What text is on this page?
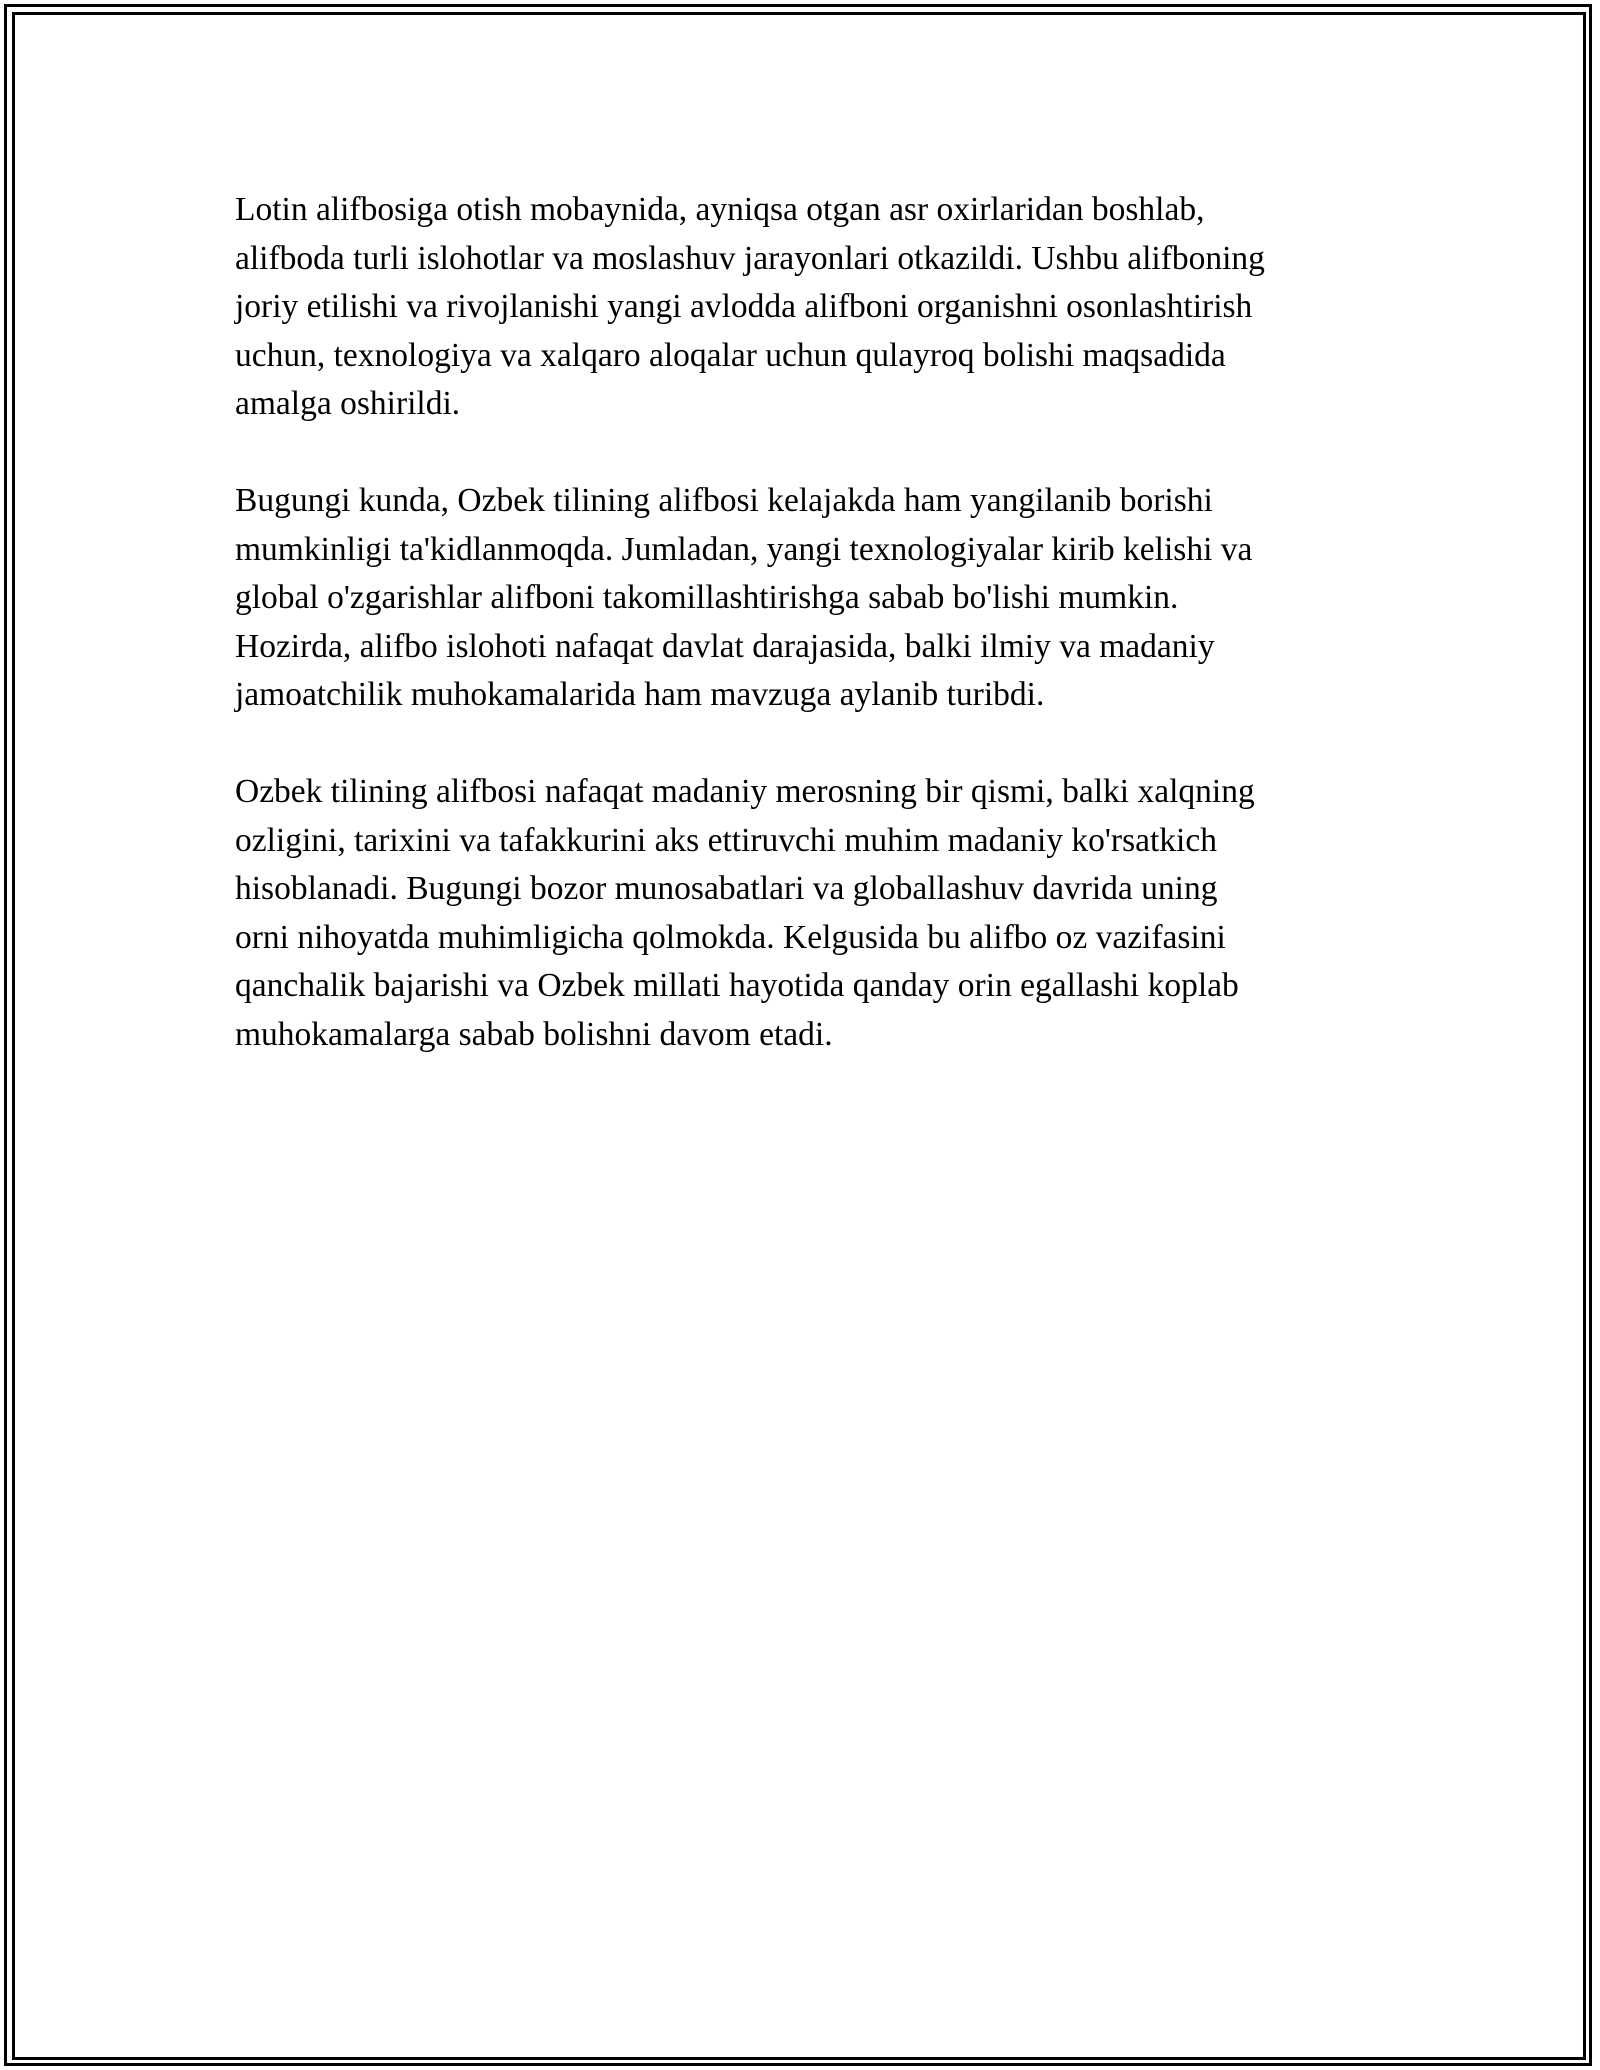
Lotin alifbosiga otish mobaynida, ayniqsa otgan asr oxirlaridan boshlab,
alifboda turli islohotlar va moslashuv jarayonlari otkazildi. Ushbu alifboning
joriy etilishi va rivojlanishi yangi avlodda alifboni organishni osonlashtirish
uchun, texnologiya va xalqaro aloqalar uchun qulayroq bolishi maqsadida
amalga oshirildi.

Bugungi kunda, Ozbek tilining alifbosi kelajakda ham yangilanib borishi
mumkinligi ta'kidlanmoqda. Jumladan, yangi texnologiyalar kirib kelishi va
global o'zgarishlar alifboni takomillashtirishga sabab bo'lishi mumkin.
Hozirda, alifbo islohoti nafaqat davlat darajasida, balki ilmiy va madaniy
jamoatchilik muhokamalarida ham mavzuga aylanib turibdi.

Ozbek tilining alifbosi nafaqat madaniy merosning bir qismi, balki xalqning
ozligini, tarixini va tafakkurini aks ettiruvchi muhim madaniy ko'rsatkich
hisoblanadi. Bugungi bozor munosabatlari va globallashuv davrida uning
orni nihoyatda muhimligicha qolmokda. Kelgusida bu alifbo oz vazifasini
qanchalik bajarishi va Ozbek millati hayotida qanday orin egallashi koplab
muhokamalarga sabab bolishni davom etadi.
